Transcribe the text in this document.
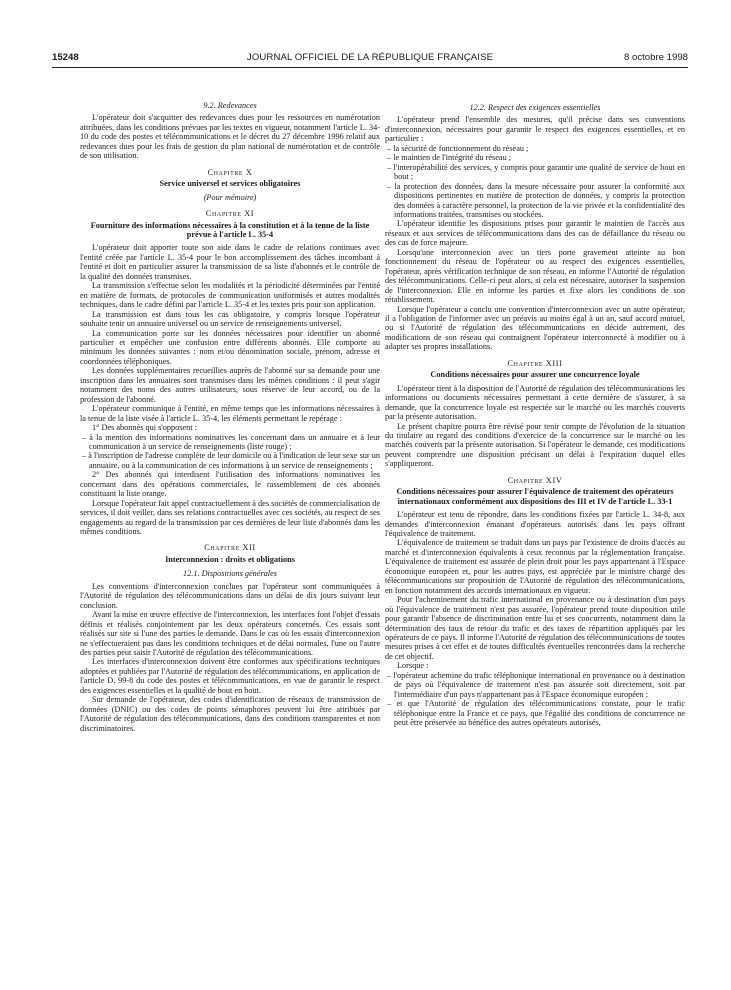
15248	JOURNAL OFFICIEL DE LA RÉPUBLIQUE FRANÇAISE	8 octobre 1998
9.2. Redevances

L'opérateur doit s'acquitter des redevances dues pour les ressources en numérotation attribuées, dans les conditions prévues par les textes en vigueur, notamment l'article L. 34-10 du code des postes et télécommunications et le décret du 27 décembre 1996 relatif aux redevances dues pour les frais de gestion du plan national de numérotation et de contrôle de son utilisation.

Chapitre X
Service universel et services obligatoires
(Pour mémoire)
Chapitre XI
Fourniture des informations nécessaires à la constitution et à la tenue de la liste prévue à l'article L. 35-4

L'opérateur doit apporter toute son aide dans le cadre de relations continues avec l'entité créée par l'article L. 35-4 pour le bon accomplissement des tâches incombant à l'entité et doit en particulier assurer la transmission de sa liste d'abonnés et le contrôle de la qualité des données transmises.

La transmission s'effectue selon les modalités et la périodicité déterminées par l'entité en matière de formats, de protocoles de communication uniformisés et autres modalités techniques, dans le cadre défini par l'article L. 35-4 et les textes pris pour son application.

La transmission est dans tous les cas obligatoire, y compris lorsque l'opérateur souhaite tenir un annuaire universel ou un service de renseignements universel.

La communication porte sur les données nécessaires pour identifier un abonné particulier et empêcher une confusion entre différents abonnés. Elle comporte au minimum les données suivantes : nom et/ou dénomination sociale, prénom, adresse et coordonnées téléphoniques.

Les données supplémentaires recueillies auprès de l'abonné sur sa demande pour une inscription dans les annuaires sont transmises dans les mêmes conditions : il peut s'agir notamment des noms des autres utilisateurs, sous réserve de leur accord, ou de la profession de l'abonné.

L'opérateur communique à l'entité, en même temps que les informations nécessaires à la tenue de la liste visée à l'article L. 35-4, les éléments permettant le repérage :

1° Des abonnés qui s'opposent :

– à la mention des informations nominatives les concernant dans un annuaire et à leur communication à un service de renseignements (liste rouge) ;
– à l'inscription de l'adresse complète de leur domicile ou à l'indication de leur sexe sur un annuaire, ou à la communication de ces informations à un service de renseignements ;

2° Des abonnés qui interdisent l'utilisation des informations nominatives les concernant dans des opérations commerciales, le rassemblement de ces abonnés constituant la liste orange.

Lorsque l'opérateur fait appel contractuellement à des sociétés de commercialisation de services, il doit veiller, dans ses relations contractuelles avec ces sociétés, au respect de ses engagements au regard de la transmission par ces dernières de leur liste d'abonnés dans les mêmes conditions.

Chapitre XII
Interconnexion : droits et obligations
12.1. Dispositions générales

Les conventions d'interconnexion conclues par l'opérateur sont communiquées à l'Autorité de régulation des télécommunications dans un délai de dix jours suivant leur conclusion.

Avant la mise en œuvre effective de l'interconnexion, les interfaces font l'objet d'essais définis et réalisés conjointement par les deux opérateurs concernés. Ces essais sont réalisés sur site si l'une des parties le demande. Dans le cas où les essais d'interconnexion ne s'effectueraient pas dans les conditions techniques et de délai normales, l'une ou l'autre des parties peut saisir l'Autorité de régulation des télécommunications.

Les interfaces d'interconnexion doivent être conformes aux spécifications techniques adoptées et publiées par l'Autorité de régulation des télécommunications, en application de l'article D. 99-8 du code des postes et télécommunications, en vue de garantir le respect des exigences essentielles et la qualité de bout en bout.

Sur demande de l'opérateur, des codes d'identification de réseaux de transmission de données (DNIC) ou des codes de points sémaphores peuvent lui être attribués par l'Autorité de régulation des télécommunications, dans des conditions transparentes et non discriminatoires.

12.2. Respect des exigences essentielles

L'opérateur prend l'ensemble des mesures, qu'il précise dans ses conventions d'interconnexion, nécessaires pour garantir le respect des exigences essentielles, et en particulier :

– la sécurité de fonctionnement du réseau ;
– le maintien de l'intégrité du réseau ;
– l'interopérabilité des services, y compris pour garantir une qualité de service de bout en bout ;
– la protection des données, dans la mesure nécessaire pour assurer la conformité aux dispositions pertinentes en matière de protection de données, y compris la protection des données à caractère personnel, la protection de la vie privée et la confidentialité des informations traitées, transmises ou stockées.

L'opérateur identifie les dispositions prises pour garantir le maintien de l'accès aux réseaux et aux services de télécommunications dans des cas de défaillance du réseau ou des cas de force majeure.

Lorsqu'une interconnexion avec un tiers porte gravement atteinte au bon fonctionnement du réseau de l'opérateur ou au respect des exigences essentielles, l'opérateur, après vérification technique de son réseau, en informe l'Autorité de régulation des télécommunications. Celle-ci peut alors, si cela est nécessaire, autoriser la suspension de l'interconnexion. Elle en informe les parties et fixe alors les conditions de son rétablissement.

Lorsque l'opérateur a conclu une convention d'interconnexion avec un autre opérateur, il a l'obligation de l'informer avec un préavis au moins égal à un an, sauf accord mutuel, ou si l'Autorité de régulation des télécommunications en décide autrement, des modifications de son réseau qui contraignent l'opérateur interconnecté à modifier ou à adapter ses propres installations.

Chapitre XIII
Conditions nécessaires pour assurer une concurrence loyale

L'opérateur tient à la disposition de l'Autorité de régulation des télécommunications les informations ou documents nécessaires permettant à cette dernière de s'assurer, à sa demande, que la concurrence loyale est respectée sur le marché ou les marchés couverts par la présente autorisation.

Le présent chapitre pourra être révisé pour tenir compte de l'évolution de la situation du titulaire au regard des conditions d'exercice de la concurrence sur le marché ou les marchés couverts par la présente autorisation. Si l'opérateur le demande, ces modifications peuvent comprendre une disposition précisant un délai à l'expiration duquel elles s'appliqueront.

Chapitre XIV
Conditions nécessaires pour assurer l'équivalence de traitement des opérateurs internationaux conformément aux dispositions des III et IV de l'article L. 33-1

L'opérateur est tenu de répondre, dans les conditions fixées par l'article L. 34-8, aux demandes d'interconnexion émanant d'opérateurs autorisés dans les pays offrant l'équivalence de traitement.

L'équivalence de traitement se traduit dans un pays par l'existence de droits d'accès au marché et d'interconnexion équivalents à ceux reconnus par la réglementation française. L'équivalence de traitement est assurée de plein droit pour les pays appartenant à l'Espace économique européen et, pour les autres pays, est appréciée par le ministre chargé des télécommunications sur proposition de l'Autorité de régulation des télécommunications, en fonction notamment des accords internationaux en vigueur.

Pour l'acheminement du trafic international en provenance ou à destination d'un pays où l'équivalence de traitement n'est pas assurée, l'opérateur prend toute disposition utile pour garantir l'absence de discrimination entre lui et ses concurrents, notamment dans la détermination des taux de retour du trafic et des taxes de répartition appliqués par les opérateurs de ce pays. Il informe l'Autorité de régulation des télécommunications de toutes mesures prises à cet effet et de toutes difficultés éventuelles rencontrées dans la recherche de cet objectif.

Lorsque :

– l'opérateur achemine du trafic téléphonique international en provenance ou à destination de pays où l'équivalence de traitement n'est pas assurée soit directement, soit par l'intermédiaire d'un pays n'appartenant pas à l'Espace économique européen ;
– et que l'Autorité de régulation des télécommunications constate, pour le trafic téléphonique entre la France et ce pays, que l'égalité des conditions de concurrence ne peut être préservée au bénéfice des autres opérateurs autorisés,
